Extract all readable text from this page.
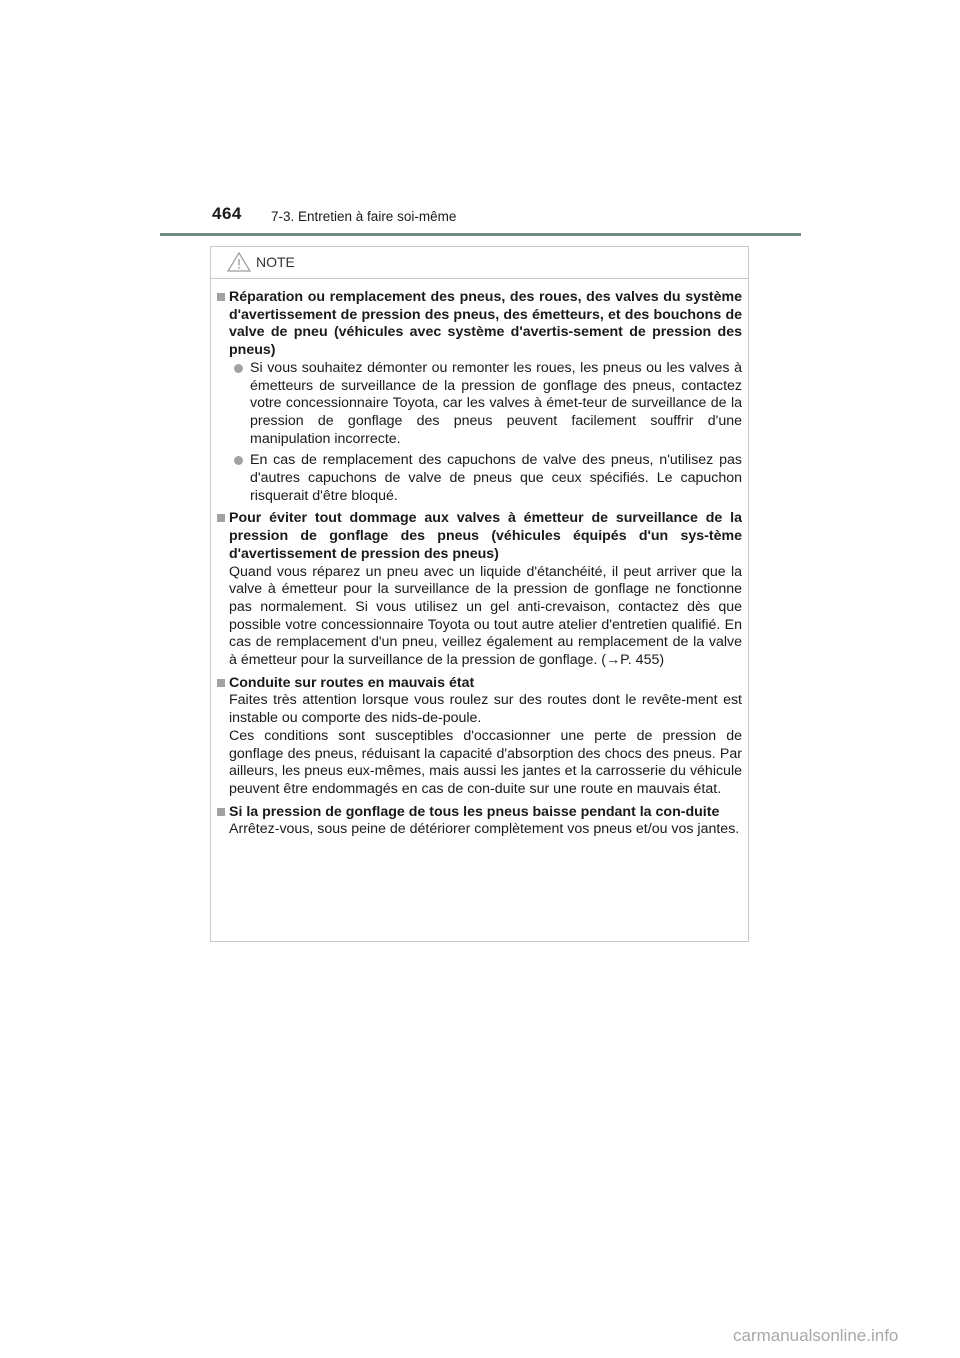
464 7-3. Entretien à faire soi-même
NOTE
Réparation ou remplacement des pneus, des roues, des valves du système d'avertissement de pression des pneus, des émetteurs, et des bouchons de valve de pneu (véhicules avec système d'avertis-sement de pression des pneus)
Si vous souhaitez démonter ou remonter les roues, les pneus ou les valves à émetteurs de surveillance de la pression de gonflage des pneus, contactez votre concessionnaire Toyota, car les valves à émet-teur de surveillance de la pression de gonflage des pneus peuvent facilement souffrir d'une manipulation incorrecte.
En cas de remplacement des capuchons de valve des pneus, n'utilisez pas d'autres capuchons de valve de pneus que ceux spécifiés. Le capuchon risquerait d'être bloqué.
Pour éviter tout dommage aux valves à émetteur de surveillance de la pression de gonflage des pneus (véhicules équipés d'un sys-tème d'avertissement de pression des pneus)
Quand vous réparez un pneu avec un liquide d'étanchéité, il peut arriver que la valve à émetteur pour la surveillance de la pression de gonflage ne fonctionne pas normalement. Si vous utilisez un gel anti-crevaison, contactez dès que possible votre concessionnaire Toyota ou tout autre atelier d'entretien qualifié. En cas de remplacement d'un pneu, veillez également au remplacement de la valve à émetteur pour la surveillance de la pression de gonflage. (→P. 455)
Conduite sur routes en mauvais état
Faites très attention lorsque vous roulez sur des routes dont le revête-ment est instable ou comporte des nids-de-poule.
Ces conditions sont susceptibles d'occasionner une perte de pression de gonflage des pneus, réduisant la capacité d'absorption des chocs des pneus. Par ailleurs, les pneus eux-mêmes, mais aussi les jantes et la carrosserie du véhicule peuvent être endommagés en cas de con-duite sur une route en mauvais état.
Si la pression de gonflage de tous les pneus baisse pendant la con-duite
Arrêtez-vous, sous peine de détériorer complètement vos pneus et/ou vos jantes.
carmanualsonline.info
